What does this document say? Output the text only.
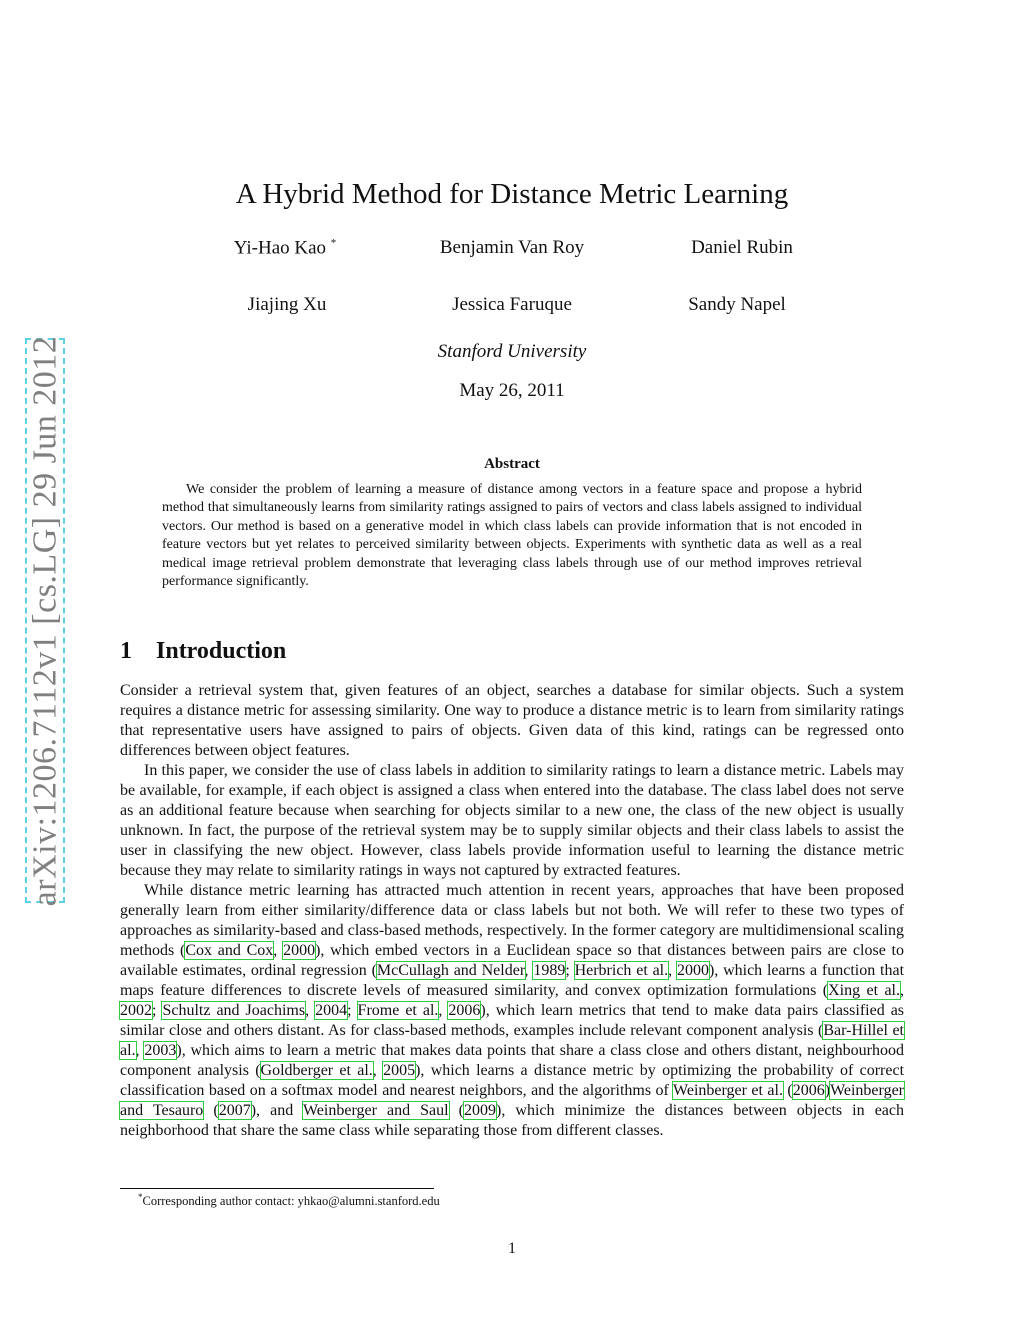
arXiv:1206.7112v1 [cs.LG] 29 Jun 2012
A Hybrid Method for Distance Metric Learning
Yi-Hao Kao *	Benjamin Van Roy	Daniel Rubin
Jiajing Xu	Jessica Faruque	Sandy Napel
Stanford University
May 26, 2011
Abstract
We consider the problem of learning a measure of distance among vectors in a feature space and propose a hybrid method that simultaneously learns from similarity ratings assigned to pairs of vectors and class labels assigned to individual vectors. Our method is based on a generative model in which class labels can provide information that is not encoded in feature vectors but yet relates to perceived similarity between objects. Experiments with synthetic data as well as a real medical image retrieval problem demonstrate that leveraging class labels through use of our method improves retrieval performance significantly.
1 Introduction

Consider a retrieval system that, given features of an object, searches a database for similar objects. Such a system requires a distance metric for assessing similarity. One way to produce a distance metric is to learn from similarity ratings that representative users have assigned to pairs of objects. Given data of this kind, ratings can be regressed onto differences between object features.

In this paper, we consider the use of class labels in addition to similarity ratings to learn a distance metric. Labels may be available, for example, if each object is assigned a class when entered into the database. The class label does not serve as an additional feature because when searching for objects similar to a new one, the class of the new object is usually unknown. In fact, the purpose of the retrieval system may be to supply similar objects and their class labels to assist the user in classifying the new object. However, class labels provide information useful to learning the distance metric because they may relate to similarity ratings in ways not captured by extracted features.

While distance metric learning has attracted much attention in recent years, approaches that have been proposed generally learn from either similarity/difference data or class labels but not both. We will refer to these two types of approaches as similarity-based and class-based methods, respectively. In the former category are multidimensional scaling methods (Cox and Cox, 2000), which embed vectors in a Euclidean space so that distances between pairs are close to available estimates, ordinal regression (McCullagh and Nelder, 1989; Herbrich et al., 2000), which learns a function that maps feature differences to discrete levels of measured similarity, and convex optimization formulations (Xing et al., 2002; Schultz and Joachims, 2004; Frome et al., 2006), which learn metrics that tend to make data pairs classified as similar close and others distant. As for class-based methods, examples include relevant component analysis (Bar-Hillel et al., 2003), which aims to learn a metric that makes data points that share a class close and others distant, neighbourhood component analysis (Goldberger et al., 2005), which learns a distance metric by optimizing the probability of correct classification based on a softmax model and nearest neighbors, and the algorithms of Weinberger et al. (2006)Weinberger and Tesauro (2007), and Weinberger and Saul (2009), which minimize the distances between objects in each neighborhood that share the same class while separating those from different classes.

*Corresponding author contact: yhkao@alumni.stanford.edu
1
